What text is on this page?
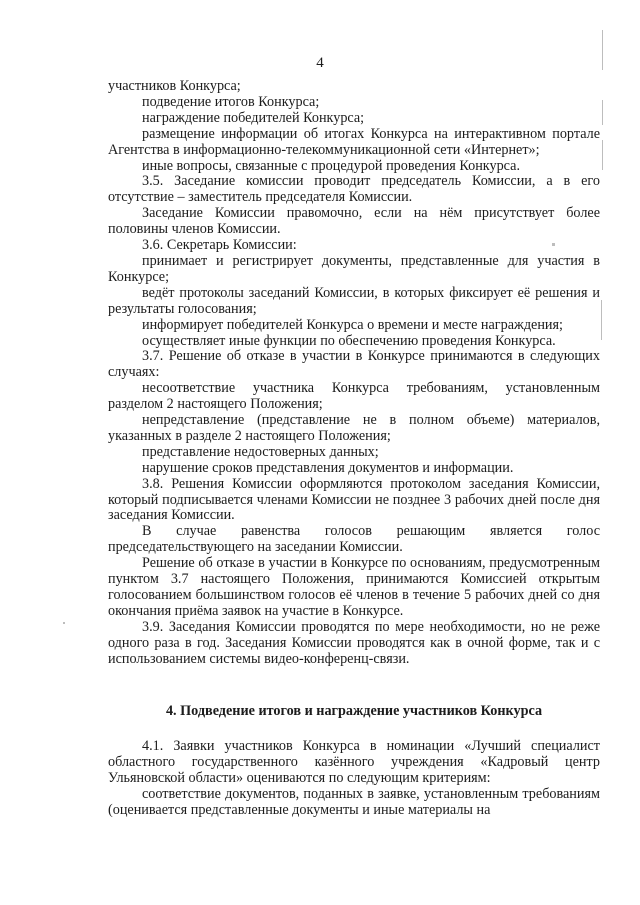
4

участников Конкурса;

подведение итогов Конкурса;

награждение победителей Конкурса;

размещение информации об итогах Конкурса на интерактивном портале Агентства в информационно-телекоммуникационной сети «Интернет»;

иные вопросы, связанные с процедурой проведения Конкурса.

3.5. Заседание комиссии проводит председатель Комиссии, а в его отсутствие – заместитель председателя Комиссии.

Заседание Комиссии правомочно, если на нём присутствует более половины членов Комиссии.

3.6. Секретарь Комиссии:

принимает и регистрирует документы, представленные для участия в Конкурсе;

ведёт протоколы заседаний Комиссии, в которых фиксирует её решения и результаты голосования;

информирует победителей Конкурса о времени и месте награждения;

осуществляет иные функции по обеспечению проведения Конкурса.

3.7. Решение об отказе в участии в Конкурсе принимаются в следующих случаях:

несоответствие участника Конкурса требованиям, установленным разделом 2 настоящего Положения;

непредставление (представление не в полном объеме) материалов, указанных в разделе 2 настоящего Положения;

представление недостоверных данных;

нарушение сроков представления документов и информации.

3.8. Решения Комиссии оформляются протоколом заседания Комиссии, который подписывается членами Комиссии не позднее 3 рабочих дней после дня заседания Комиссии.

В случае равенства голосов решающим является голос председательствующего на заседании Комиссии.

Решение об отказе в участии в Конкурсе по основаниям, предусмотренным пунктом 3.7 настоящего Положения, принимаются Комиссией открытым голосованием большинством голосов её членов в течение 5 рабочих дней со дня окончания приёма заявок на участие в Конкурсе.

3.9. Заседания Комиссии проводятся по мере необходимости, но не реже одного раза в год. Заседания Комиссии проводятся как в очной форме, так и с использованием системы видео-конференц-связи.

4. Подведение итогов и награждение участников Конкурса

4.1. Заявки участников Конкурса в номинации «Лучший специалист областного государственного казённого учреждения «Кадровый центр Ульяновской области» оцениваются по следующим критериям:

соответствие документов, поданных в заявке, установленным требованиям (оценивается представленные документы и иные материалы на
